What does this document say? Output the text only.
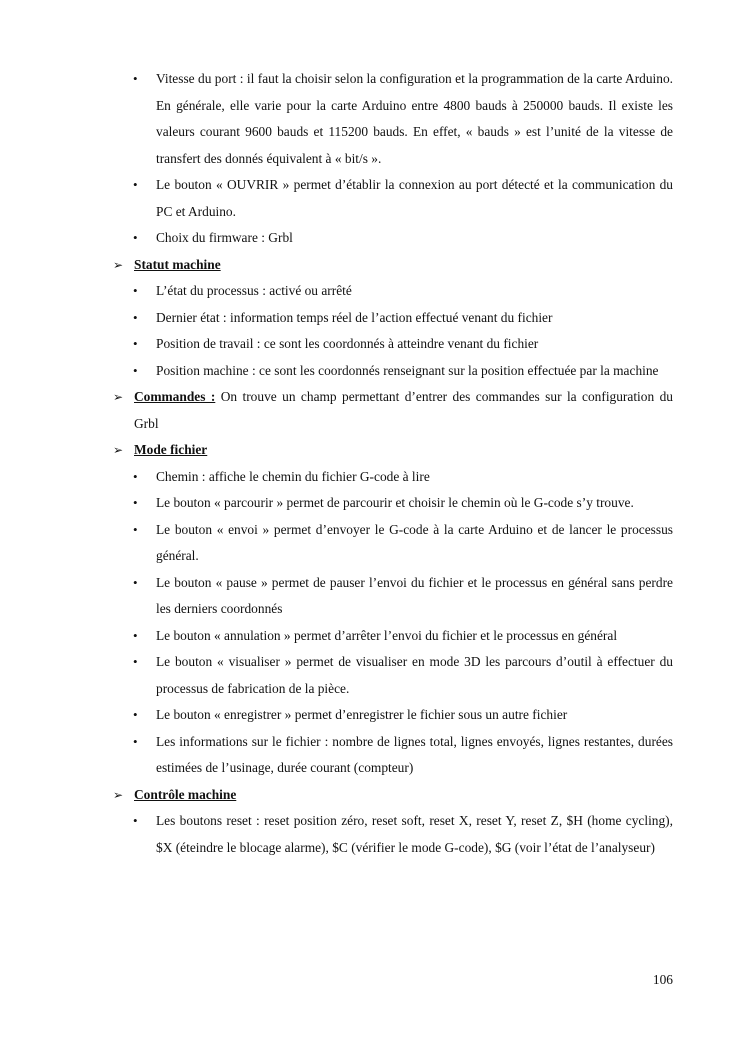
• Vitesse du port : il faut la choisir selon la configuration et la programmation de la carte Arduino. En générale, elle varie pour la carte Arduino entre 4800 bauds à 250000 bauds. Il existe les valeurs courant 9600 bauds et 115200 bauds. En effet, « bauds » est l’unité de la vitesse de transfert des donnés équivalent à « bit/s ».
• Le bouton « OUVRIR » permet d’établir la connexion au port détecté et la communication du PC et Arduino.
• Choix du firmware : Grbl
➢ Statut machine
• L’état du processus : activé ou arrêté
• Dernier état : information temps réel de l’action effectué venant du fichier
• Position de travail : ce sont les coordonnés à atteindre venant du fichier
• Position machine : ce sont les coordonnés renseignant sur la position effectuée par la machine
➢ Commandes : On trouve un champ permettant d’entrer des commandes sur la configuration du Grbl
➢ Mode fichier
• Chemin : affiche le chemin du fichier G-code à lire
• Le bouton « parcourir » permet de parcourir et choisir le chemin où le G-code s’y trouve.
• Le bouton « envoi » permet d’envoyer le G-code à la carte Arduino et de lancer le processus général.
• Le bouton « pause » permet de pauser l’envoi du fichier et le processus en général sans perdre les derniers coordonnés
• Le bouton « annulation » permet d’arrêter l’envoi du fichier et le processus en général
• Le bouton « visualiser » permet de visualiser en mode 3D les parcours d’outil à effectuer du processus de fabrication de la pièce.
• Le bouton « enregistrer » permet d’enregistrer le fichier sous un autre fichier
• Les informations sur le fichier : nombre de lignes total, lignes envoyés, lignes restantes, durées estimées de l’usinage, durée courant (compteur)
➢ Contrôle machine
• Les boutons reset : reset position zéro, reset soft, reset X, reset Y, reset Z, $H (home cycling), $X (éteindre le blocage alarme), $C (vérifier le mode G-code), $G (voir l’état de l’analyseur)
106
